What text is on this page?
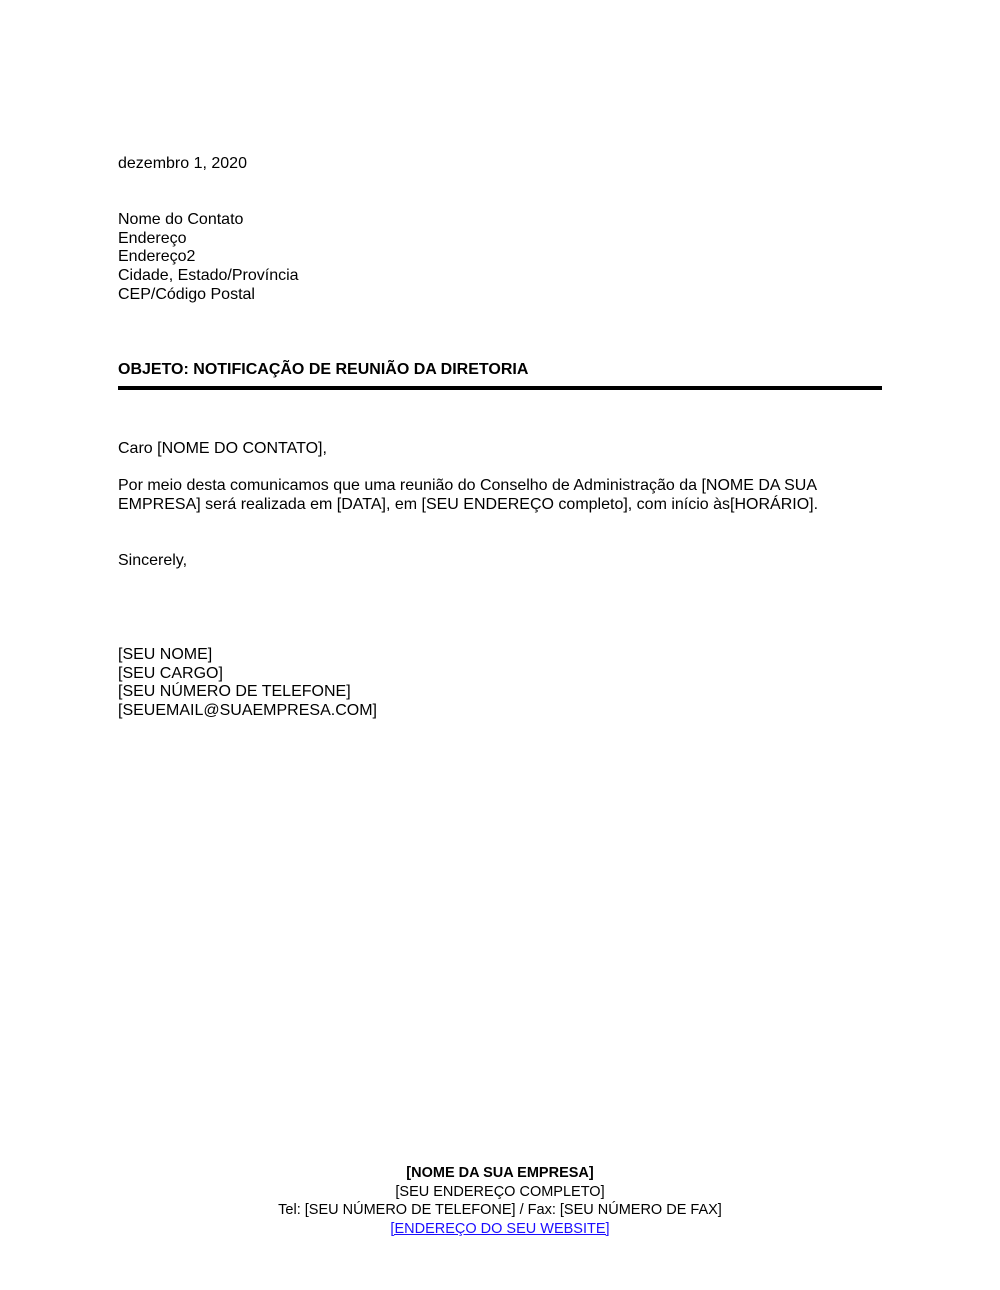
dezembro 1, 2020
Nome do Contato
Endereço
Endereço2
Cidade, Estado/Província
CEP/Código Postal
OBJETO: NOTIFICAÇÃO DE REUNIÃO DA DIRETORIA
Caro [NOME DO CONTATO],
Por meio desta comunicamos que uma reunião do Conselho de Administração da [NOME DA SUA
EMPRESA] será realizada em [DATA], em [SEU ENDEREÇO completo], com início às[HORÁRIO].
Sincerely,
[SEU NOME]
[SEU CARGO]
[SEU NÚMERO DE TELEFONE]
[SEUEMAIL@SUAEMPRESA.COM]
[NOME DA SUA EMPRESA]
[SEU ENDEREÇO COMPLETO]
Tel: [SEU NÚMERO DE TELEFONE] / Fax: [SEU NÚMERO DE FAX]
[ENDEREÇO DO SEU WEBSITE]
